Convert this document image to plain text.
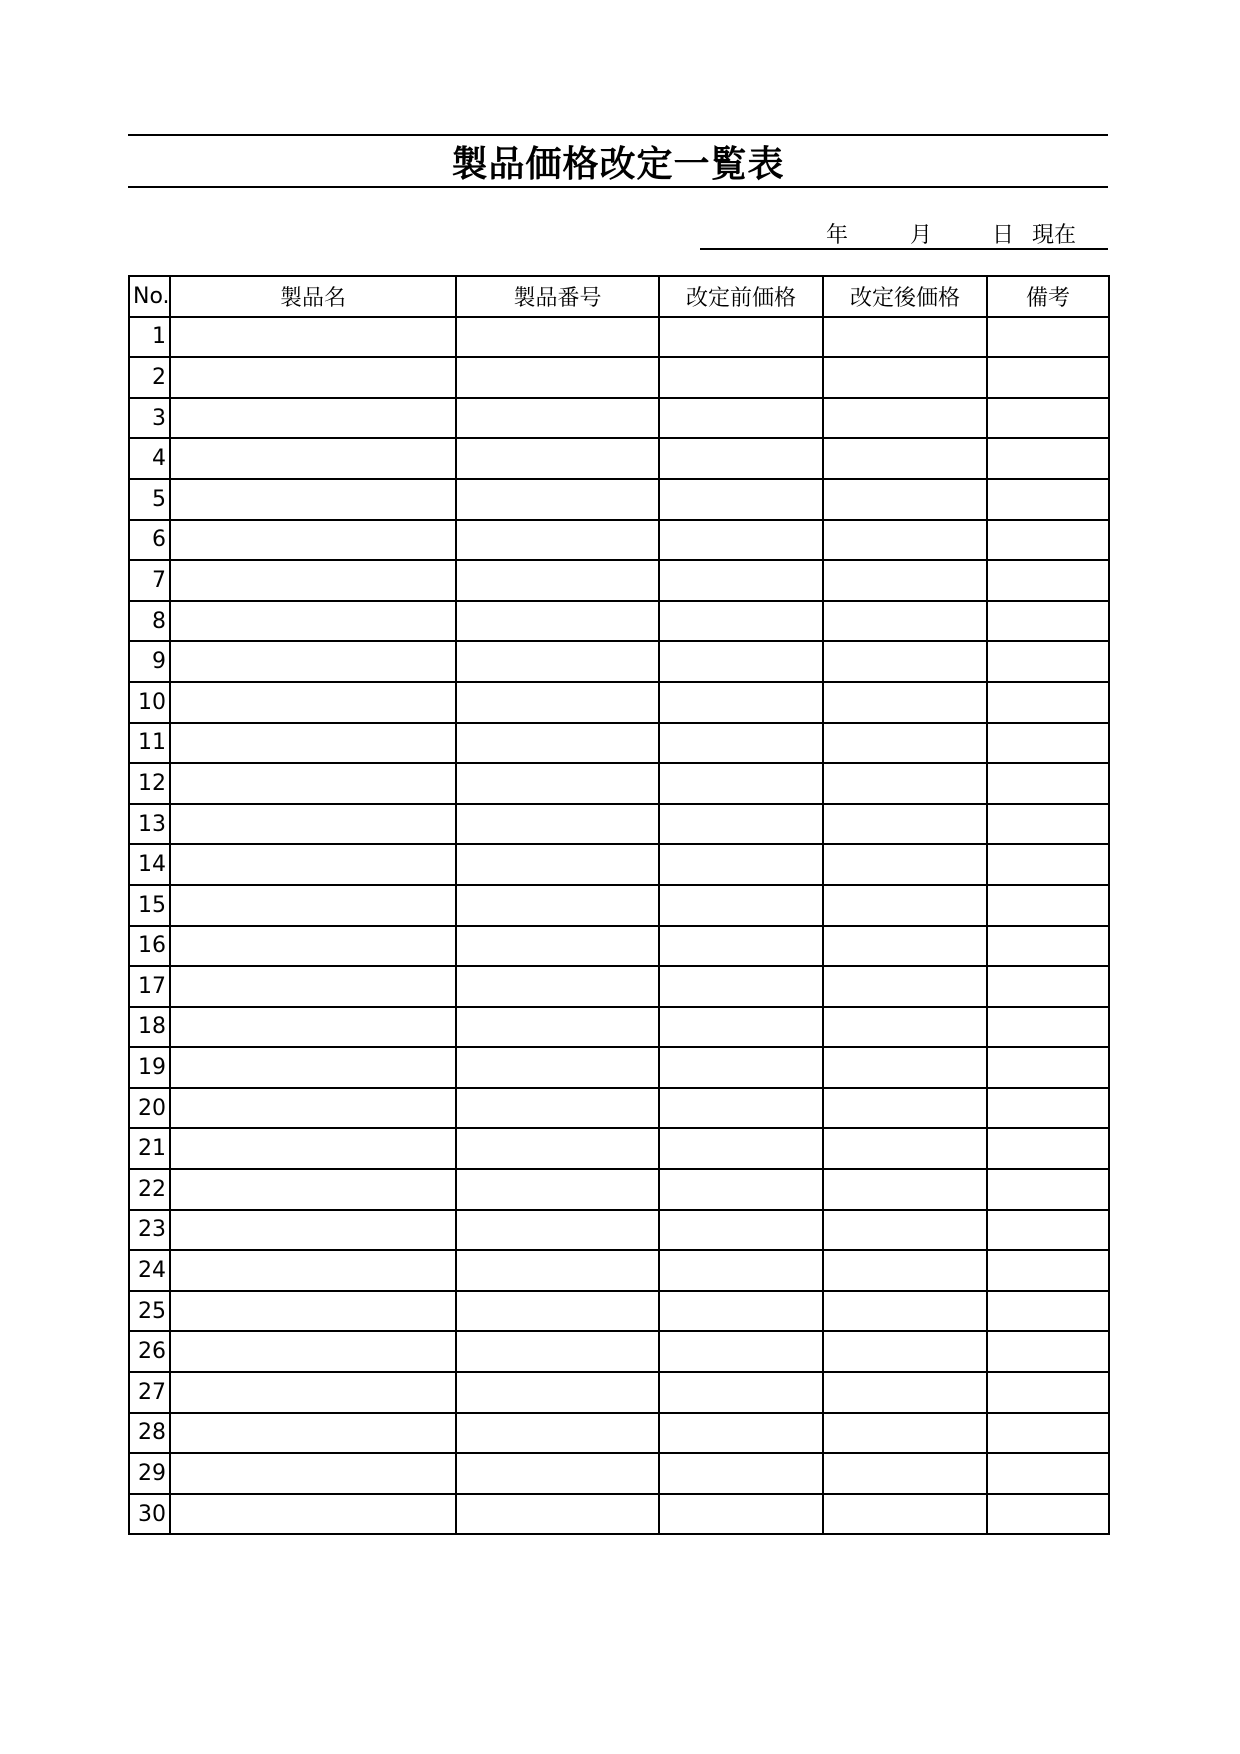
製品価格改定一覧表
年	月	日 現在
No.	製品名	製品番号	改定前価格	改定後価格	備考
1					
2					
3					
4					
5					
6					
7					
8					
9					
10					
11					
12					
13					
14					
15					
16					
17					
18					
19					
20					
21					
22					
23					
24					
25					
26					
27					
28					
29					
30					
